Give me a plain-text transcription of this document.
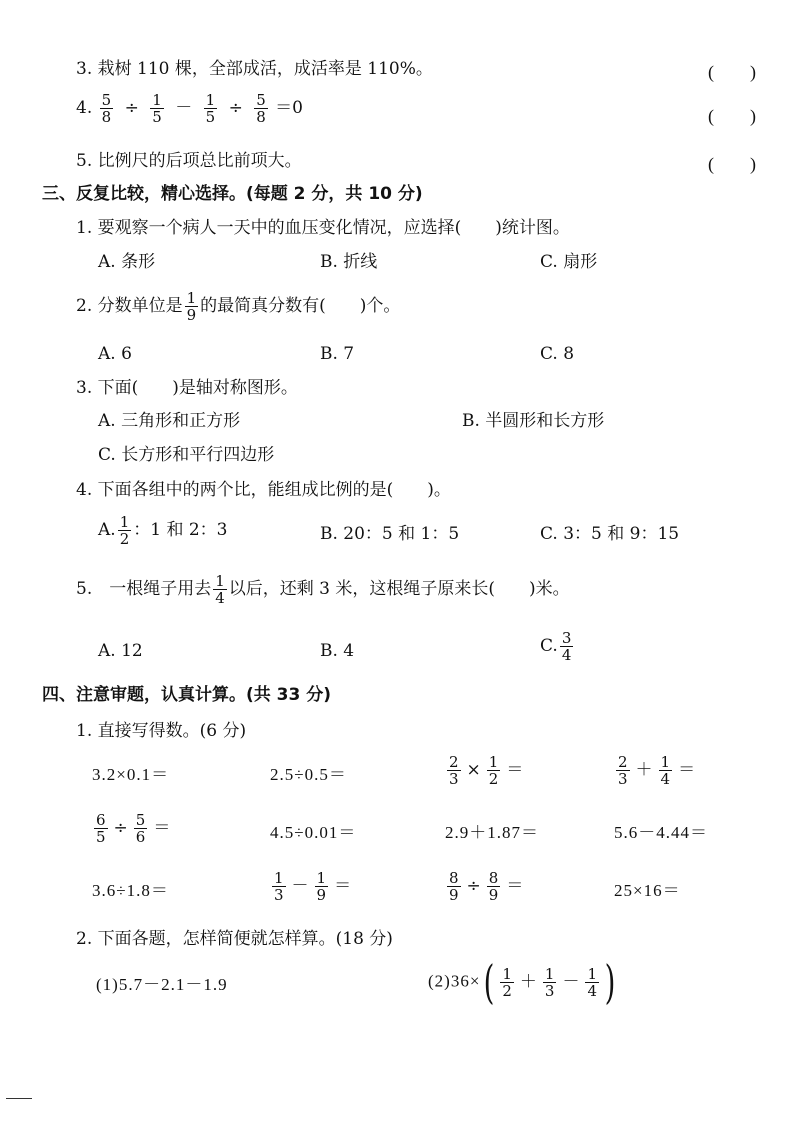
3. 栽树 110 棵，全部成活，成活率是 110%。	(　　)
4. $\frac{5}{8} \div \frac{1}{5} - \frac{1}{5} \div \frac{5}{8} =0$	(　　)
5. 比例尺的后项总比前项大。	(　　)
三、反复比较，精心选择。(每题 2 分，共 10 分)
1. 要观察一个病人一天中的血压变化情况，应选择(　　)统计图。
A. 条形	B. 折线	C. 扇形
2. 分数单位是 $\frac{1}{9}$ 的最简真分数有(　　)个。
A. 6	B. 7	C. 8
3. 下面(　　)是轴对称图形。
A. 三角形和正方形	B. 半圆形和长方形
C. 长方形和平行四边形
4. 下面各组中的两个比，能组成比例的是(　　)。
A. $\frac{1}{2}$ ：1 和 2：3	B. 20：5 和 1：5	C. 3：5 和 9：15
5.　一根绳子用去 $\frac{1}{4}$ 以后，还剩 3 米，这根绳子原来长(　　)米。
A. 12	B. 4	C. $\frac{3}{4}$
四、注意审题，认真计算。(共 33 分)
1. 直接写得数。(6 分)
3.2×0.1＝	2.5÷0.5＝	$\frac{2}{3} \times \frac{1}{2}$ ＝	$\frac{2}{3} + \frac{1}{4}$ ＝
$\frac{6}{5} \div \frac{5}{6}$ ＝	4.5÷0.01＝	2.9＋1.87＝	5.6－4.44＝
3.6÷1.8＝	$\frac{1}{3} - \frac{1}{9}$ ＝	$\frac{8}{9} \div \frac{8}{9}$ ＝	25×16＝
2. 下面各题，怎样简便就怎样算。(18 分)
(1)5.7－2.1－1.9	$(2)36\times( \frac{1}{2} + \frac{1}{3} - \frac{1}{4}$ )
